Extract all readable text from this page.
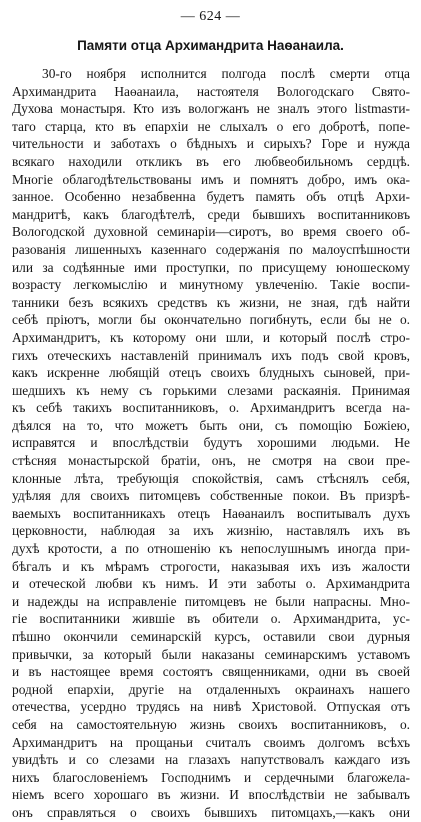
— 624 —
Памяти отца Архимандрита Наѳанаила.
30-го ноября исполнится полгода послѣ смерти отца
Архимандрита Наѳанаила, настоятеля Вологодскаго Свято-
Духова монастыря. Кто изъ вологжанъ не зналъ этого listmasти-
таго старца, кто въ епархіи не слыхалъ о его добротѣ, попе-
чительности и заботахъ о бѣдныхъ и сирыхъ? Горе и нужда
всякаго находили откликъ въ его любвеобильномъ сердцѣ.
Многіе облагодѣтельствованы имъ и помнятъ добро, имъ ока-
занное. Особенно незабвенна будетъ память объ отцѣ Архи-
мандритѣ, какъ благодѣтелѣ, среди бывшихъ воспитанниковъ
Вологодской духовной семинаріи—сиротъ, во время своего об-
разованія лишенныхъ казеннаго содержанія по малоуспѣшности
или за содѣянные ими проступки, по присущему юношескому
возрасту легкомыслію и минутному увлеченію. Такіе воспи-
танники безъ всякихъ средствъ къ жизни, не зная, гдѣ найти
себѣ пріютъ, могли бы окончательно погибнуть, если бы не о.
Архимандритъ, къ которому они шли, и который послѣ стро-
гихъ отеческихъ наставленій принималъ ихъ подъ свой кровъ,
какъ искренне любящій отецъ своихъ блудныхъ сыновей, при-
шедшихъ къ нему съ горькими слезами раскаянія. Принимая
къ себѣ такихъ воспитанниковъ, о. Архимандритъ всегда на-
дѣялся на то, что можетъ быть они, съ помощію Божіею,
исправятся и впослѣдствіи будутъ хорошими людьми. Не
стѣсняя монастырской братіи, онъ, не смотря на свои пре-
клонные лѣта, требующія спокойствія, самъ стѣснялъ себя,
удѣляя для своихъ питомцевъ собственные покои. Въ призрѣ-
ваемыхъ воспитанникахъ отецъ Наѳанаилъ воспитывалъ духъ
церковности, наблюдая за ихъ жизнію, наставлялъ ихъ въ
духѣ кротости, а по отношенію къ непослушнымъ иногда при-
бѣгалъ и къ мѣрамъ строгости, наказывая ихъ изъ жалости
и отеческой любви къ нимъ. И эти заботы о. Архимандрита
и надежды на исправленіе питомцевъ не были напрасны. Мно-
гіе воспитанники жившіе въ обители о. Архимандрита, ус-
пѣшно окончили семинарскій курсъ, оставили свои дурныя
привычки, за который были наказаны семинарскимъ уставомъ
и въ настоящее время состоятъ священниками, одни въ своей
родной епархіи, другіе на отдаленныхъ окраинахъ нашего
отечества, усердно трудясь на нивѣ Христовой. Отпуская отъ
себя на самостоятельную жизнь своихъ воспитанниковъ, о.
Архимандритъ на прощаньи считалъ своимъ долгомъ всѣхъ
увидѣть и со слезами на глазахъ напутствовалъ каждаго изъ
нихъ благословеніемъ Господнимъ и сердечными благожела-
ніемъ всего хорошаго въ жизни. И впослѣдствіи не забывалъ
онъ справляться о своихъ бывшихъ питомцахъ,—какъ они
